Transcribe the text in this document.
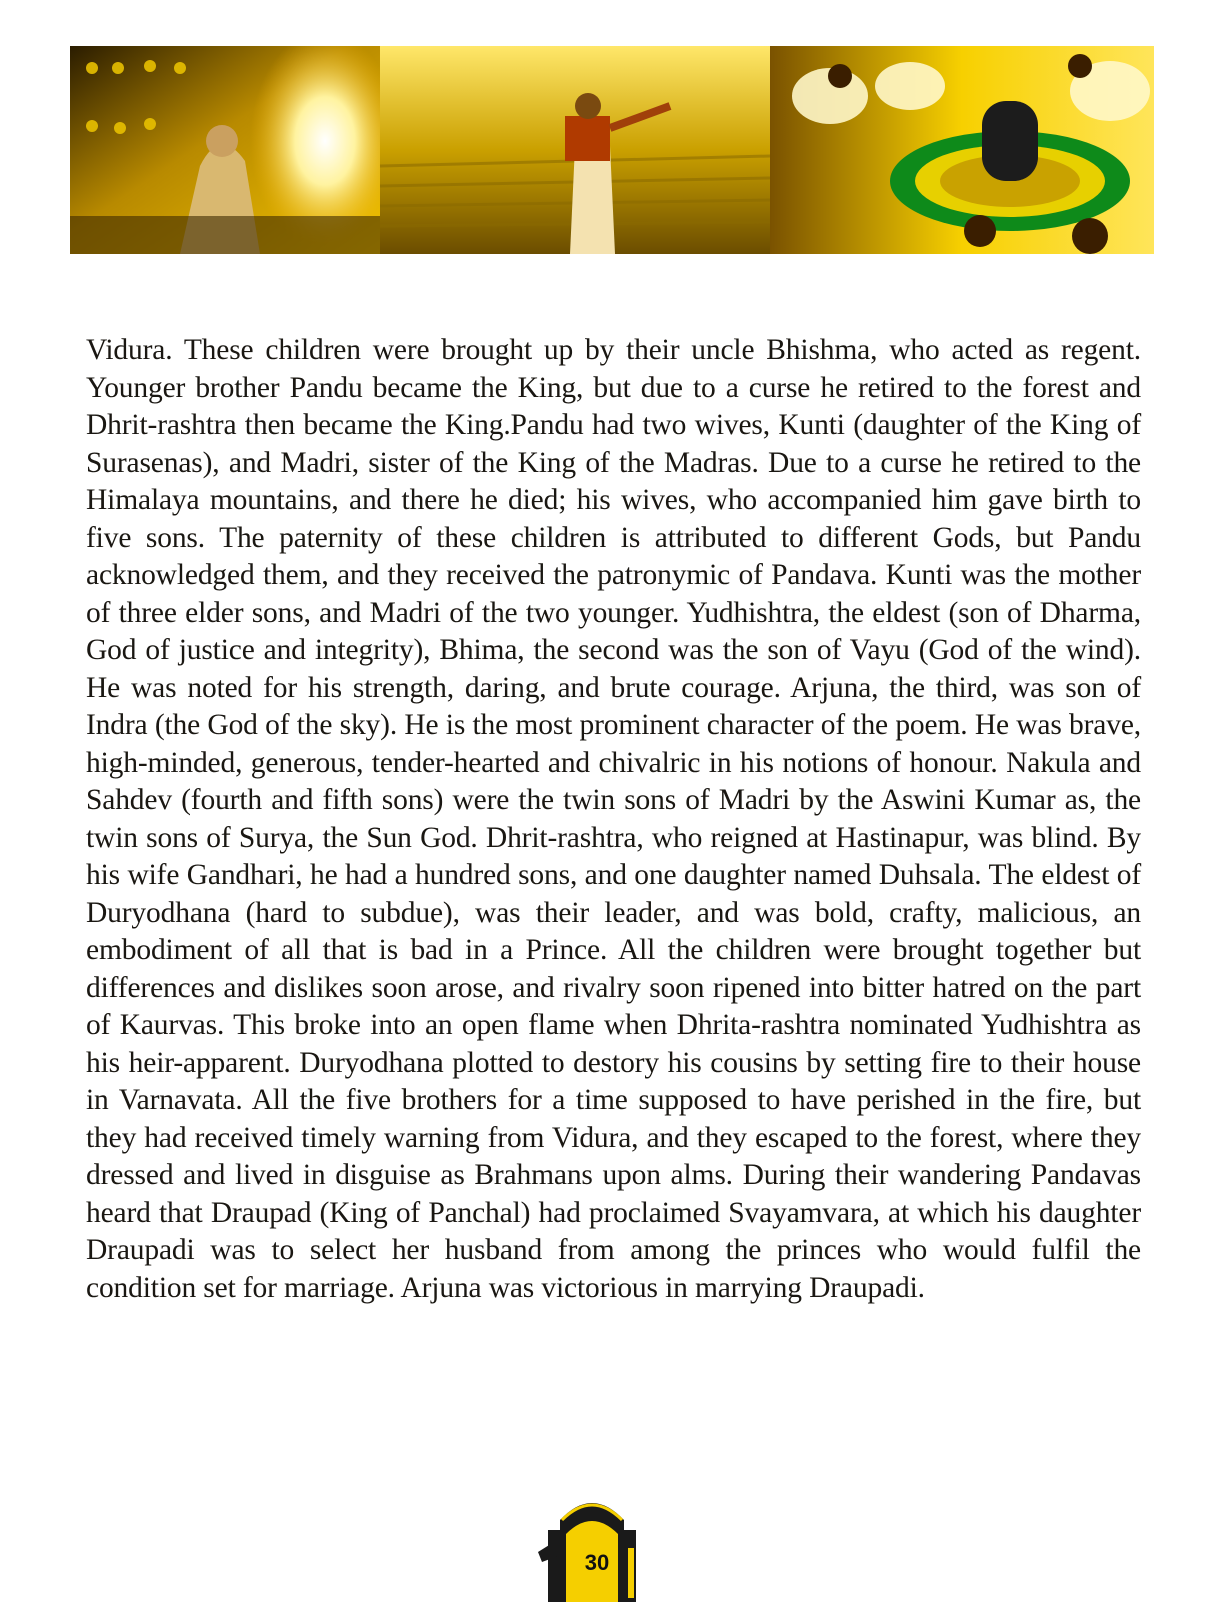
Vidura. These children were brought up by their uncle Bhishma, who acted as regent. Younger brother Pandu became the King, but due to a curse he retired to the forest and Dhrit-rashtra then became the King.Pandu had two wives, Kunti (daughter of the King of Surasenas), and Madri, sister of the King of the Madras. Due to a curse he retired to the Himalaya mountains, and there he died; his wives, who accompanied him gave birth to five sons. The paternity of these children is attributed to different Gods, but Pandu acknowledged them, and they received the patronymic of Pandava. Kunti was the mother of three elder sons, and Madri of the two younger. Yudhishtra, the eldest (son of Dharma, God of justice and integrity), Bhima, the second was the son of Vayu (God of the wind). He was noted for his strength, daring, and brute courage. Arjuna, the third, was son of Indra (the God of the sky). He is the most prominent character of the poem. He was brave, high-minded, generous, tender-hearted and chivalric in his notions of honour. Nakula and Sahdev (fourth and fifth sons) were the twin sons of Madri by the Aswini Kumar as, the twin sons of Surya, the Sun God. Dhrit-rashtra, who reigned at Hastinapur, was blind. By his wife Gandhari, he had a hundred sons, and one daughter named Duhsala. The eldest of Duryodhana (hard to subdue), was their leader, and was bold, crafty, malicious, an embodiment of all that is bad in a Prince. All the children were brought together but differences and dislikes soon arose, and rivalry soon ripened into bitter hatred on the part of Kaurvas. This broke into an open flame when Dhrita-rashtra nominated Yudhishtra as his heir-apparent. Duryodhana plotted to destory his cousins by setting fire to their house in Varnavata. All the five brothers for a time supposed to have perished in the fire, but they had received timely warning from Vidura, and they escaped to the forest, where they dressed and lived in disguise as Brahmans upon alms. During their wandering Pandavas heard that Draupad (King of Panchal) had proclaimed Svayamvara, at which his daughter Draupadi was to select her husband from among the princes who would fulfil the condition set for marriage. Arjuna was victorious in marrying Draupadi.

30
